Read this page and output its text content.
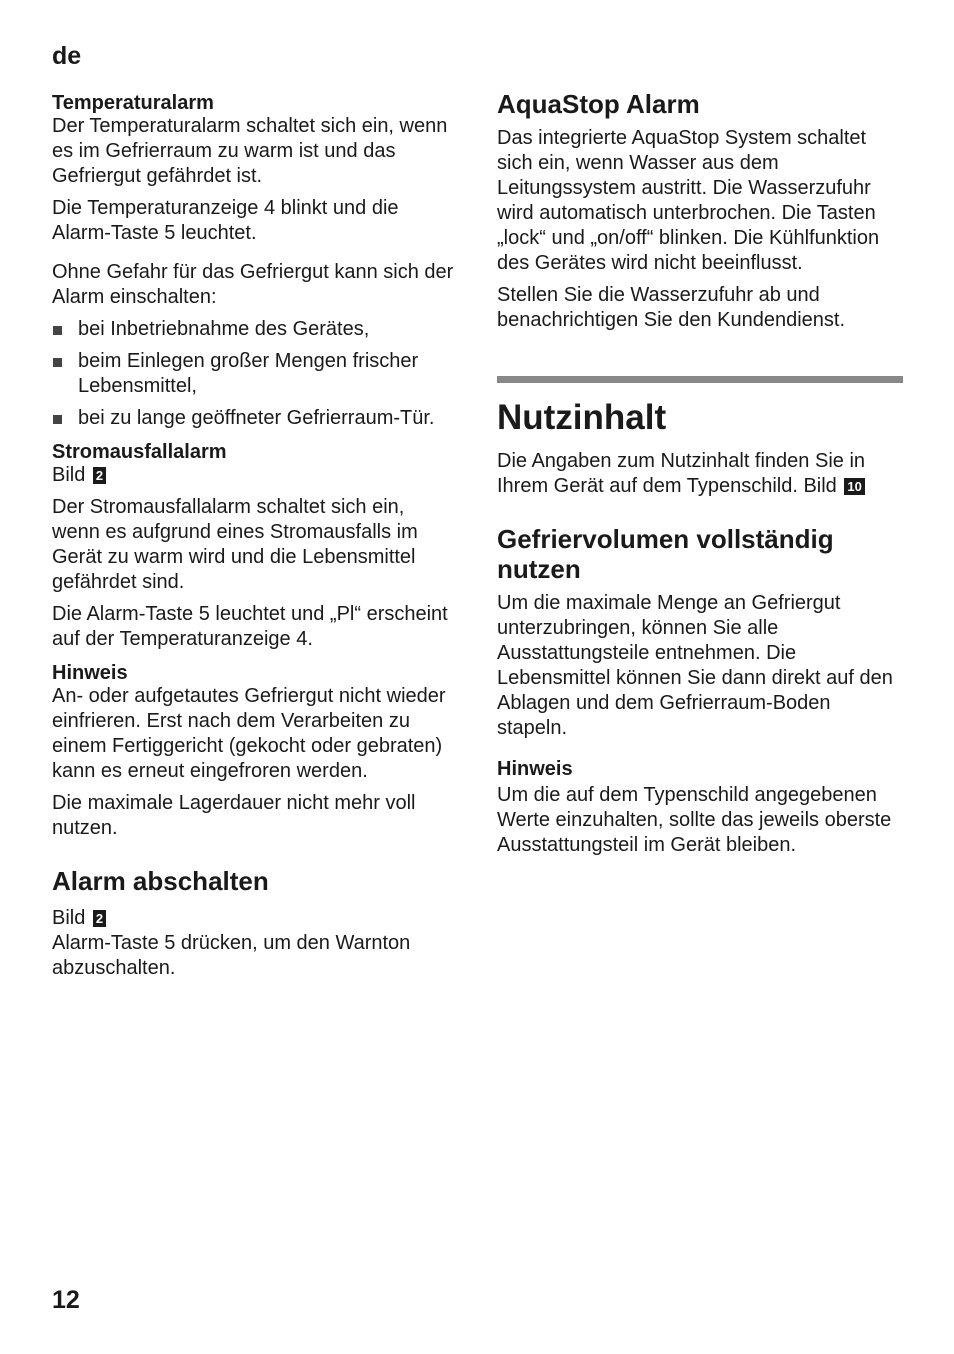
de
Temperaturalarm

Der Temperaturalarm schaltet sich ein, wenn es im Gefrierraum zu warm ist und das Gefriergut gefährdet ist.

Die Temperaturanzeige 4 blinkt und die Alarm-Taste 5 leuchtet.

Ohne Gefahr für das Gefriergut kann sich der Alarm einschalten:

bei Inbetriebnahme des Gerätes,
beim Einlegen großer Mengen frischer Lebensmittel,
bei zu lange geöffneter Gefrierraum-Tür.
Stromausfallalarm

Bild 2

Der Stromausfallalarm schaltet sich ein, wenn es aufgrund eines Stromausfalls im Gerät zu warm wird und die Lebensmittel gefährdet sind.

Die Alarm-Taste 5 leuchtet und „Pl“ erscheint auf der Temperaturanzeige 4.

Hinweis

An- oder aufgetautes Gefriergut nicht wieder einfrieren. Erst nach dem Verarbeiten zu einem Fertiggericht (gekocht oder gebraten) kann es erneut eingefroren werden.

Die maximale Lagerdauer nicht mehr voll nutzen.

Alarm abschalten

Bild 2

Alarm-Taste 5 drücken, um den Warnton abzuschalten.

AquaStop Alarm

Das integrierte AquaStop System schaltet sich ein, wenn Wasser aus dem Leitungssystem austritt. Die Wasserzufuhr wird automatisch unterbrochen. Die Tasten „lock“ und „on/off“ blinken. Die Kühlfunktion des Gerätes wird nicht beeinflusst.

Stellen Sie die Wasserzufuhr ab und benachrichtigen Sie den Kundendienst.

Nutzinhalt

Die Angaben zum Nutzinhalt finden Sie in Ihrem Gerät auf dem Typenschild. Bild 10

Gefriervolumen vollständig nutzen

Um die maximale Menge an Gefriergut unterzubringen, können Sie alle Ausstattungsteile entnehmen. Die Lebensmittel können Sie dann direkt auf den Ablagen und dem Gefrierraum-Boden stapeln.

Hinweis

Um die auf dem Typenschild angegebenen Werte einzuhalten, sollte das jeweils oberste Ausstattungsteil im Gerät bleiben.

12
